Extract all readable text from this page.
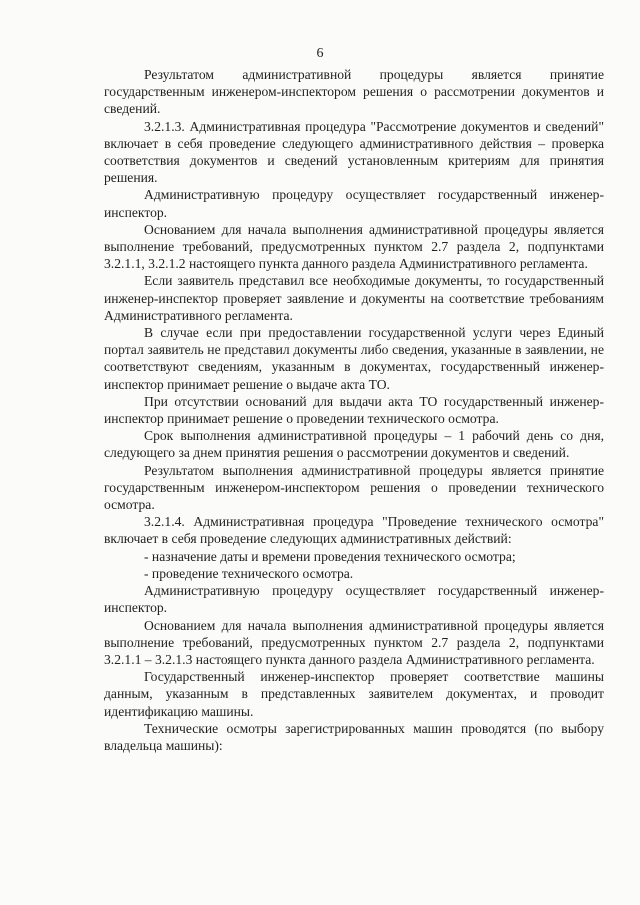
6

Результатом административной процедуры является принятие государственным инженером-инспектором решения о рассмотрении документов и сведений.

3.2.1.3. Административная процедура "Рассмотрение документов и сведений" включает в себя проведение следующего административного действия – проверка соответствия документов и сведений установленным критериям для принятия решения.

Административную процедуру осуществляет государственный инженер-инспектор.

Основанием для начала выполнения административной процедуры является выполнение требований, предусмотренных пунктом 2.7 раздела 2, подпунктами 3.2.1.1, 3.2.1.2 настоящего пункта данного раздела Административного регламента.

Если заявитель представил все необходимые документы, то государственный инженер-инспектор проверяет заявление и документы на соответствие требованиям Административного регламента.

В случае если при предоставлении государственной услуги через Единый портал заявитель не представил документы либо сведения, указанные в заявлении, не соответствуют сведениям, указанным в документах, государственный инженер-инспектор принимает решение о выдаче акта ТО.

При отсутствии оснований для выдачи акта ТО государственный инженер-инспектор принимает решение о проведении технического осмотра.

Срок выполнения административной процедуры – 1 рабочий день со дня, следующего за днем принятия решения о рассмотрении документов и сведений.

Результатом выполнения административной процедуры является принятие государственным инженером-инспектором решения о проведении технического осмотра.

3.2.1.4. Административная процедура "Проведение технического осмотра" включает в себя проведение следующих административных действий:

- назначение даты и времени проведения технического осмотра;

- проведение технического осмотра.

Административную процедуру осуществляет государственный инженер-инспектор.

Основанием для начала выполнения административной процедуры является выполнение требований, предусмотренных пунктом 2.7 раздела 2, подпунктами 3.2.1.1 – 3.2.1.3 настоящего пункта данного раздела Административного регламента.

Государственный инженер-инспектор проверяет соответствие машины данным, указанным в представленных заявителем документах, и проводит идентификацию машины.

Технические осмотры зарегистрированных машин проводятся (по выбору владельца машины):
